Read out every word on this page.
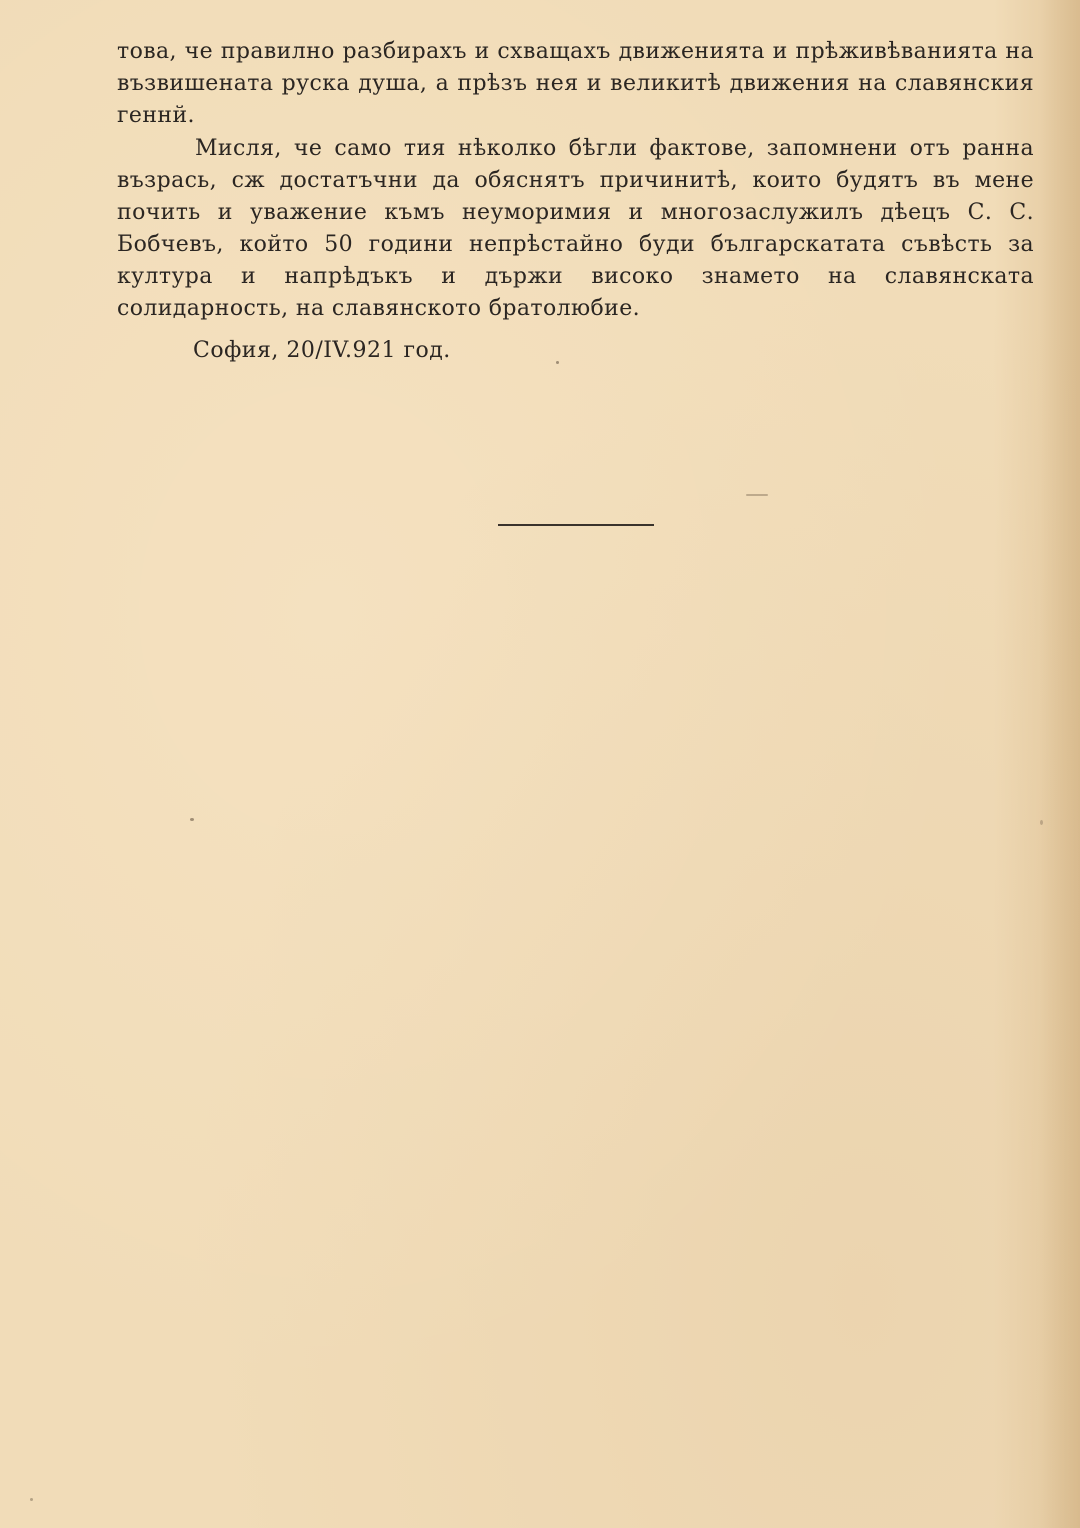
това, че правилно разбирахъ и схващахъ движенията и прѣживѣванията на възвишената руска душа, а прѣзъ нея и великитѣ движения на славянския геннй.

Мисля, че само тия нѣколко бѣгли фактове, запомнени отъ ранна възрась, сж достатъчни да обяснятъ причинитѣ, които будятъ въ мене почить и уважение къмъ неуморимия и многозаслужилъ дѣецъ С. С. Бобчевъ, който 50 години непрѣстайно буди българскатата съвѣсть за култура и напрѣдъкъ и държи високо знамето на славянската солидарность, на славянското братолюбие.

София, 20/IV.921 год.
